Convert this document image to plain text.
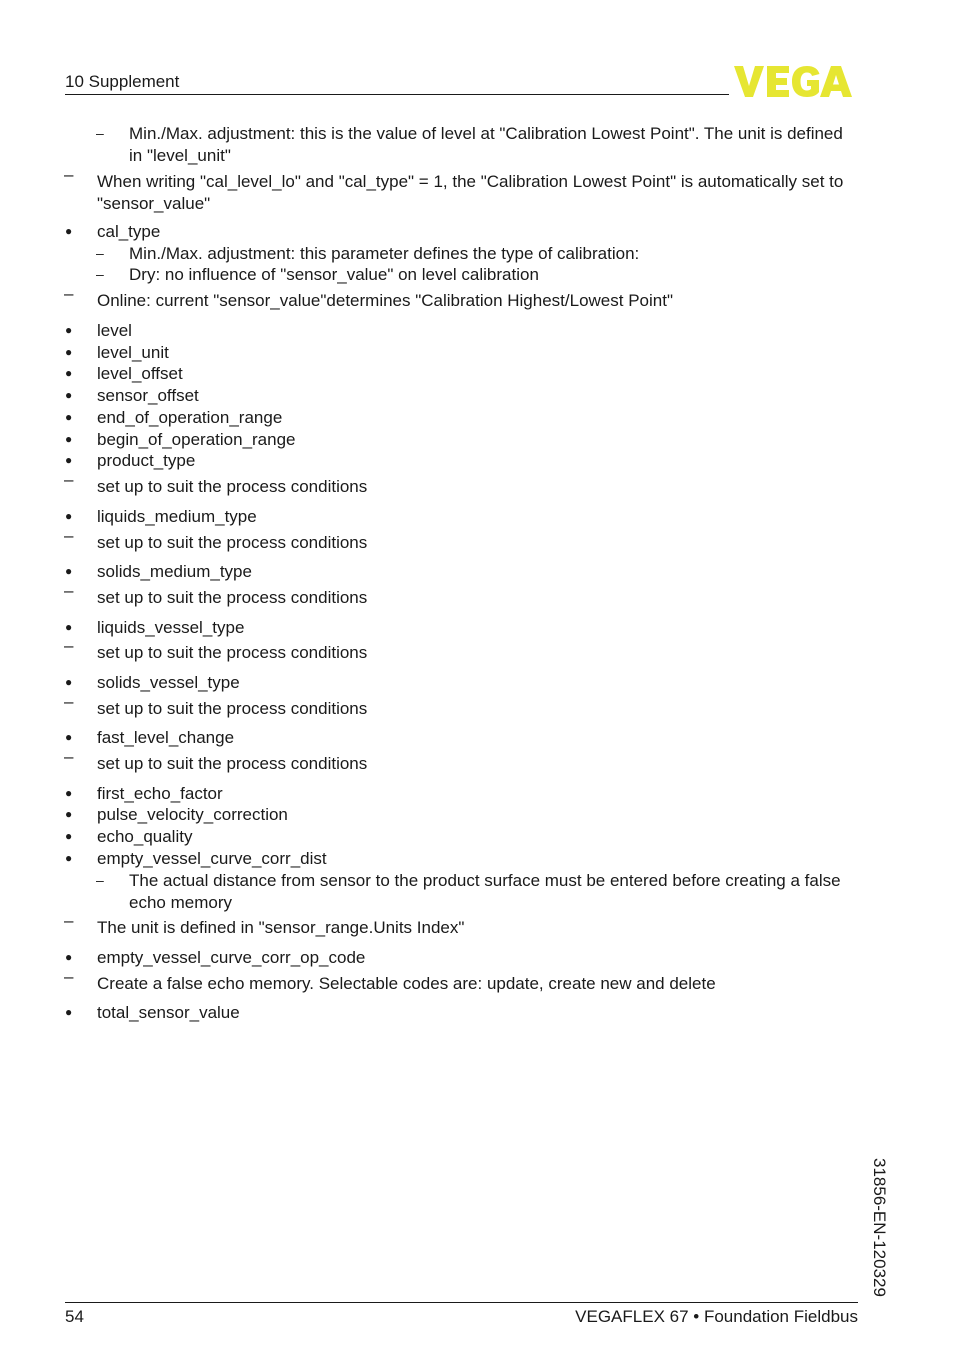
10 Supplement
– Min./Max. adjustment: this is the value of level at "Calibration Lowest Point". The unit is defined in "level_unit"
– When writing "cal_level_lo" and "cal_type" = 1, the "Calibration Lowest Point" is automatically set to "sensor_value"
● cal_type
– Min./Max. adjustment: this parameter defines the type of calibration:
– Dry: no influence of "sensor_value" on level calibration
– Online: current "sensor_value"determines "Calibration Highest/Lowest Point"
● level
● level_unit
● level_offset
● sensor_offset
● end_of_operation_range
● begin_of_operation_range
● product_type
– set up to suit the process conditions
● liquids_medium_type
– set up to suit the process conditions
● solids_medium_type
– set up to suit the process conditions
● liquids_vessel_type
– set up to suit the process conditions
● solids_vessel_type
– set up to suit the process conditions
● fast_level_change
– set up to suit the process conditions
● first_echo_factor
● pulse_velocity_correction
● echo_quality
● empty_vessel_curve_corr_dist
– The actual distance from sensor to the product surface must be entered before creating a false echo memory
– The unit is defined in "sensor_range.Units Index"
● empty_vessel_curve_corr_op_code
– Create a false echo memory. Selectable codes are: update, create new and delete
● total_sensor_value
54	VEGAFLEX 67 • Foundation Fieldbus
31856-EN-120329
